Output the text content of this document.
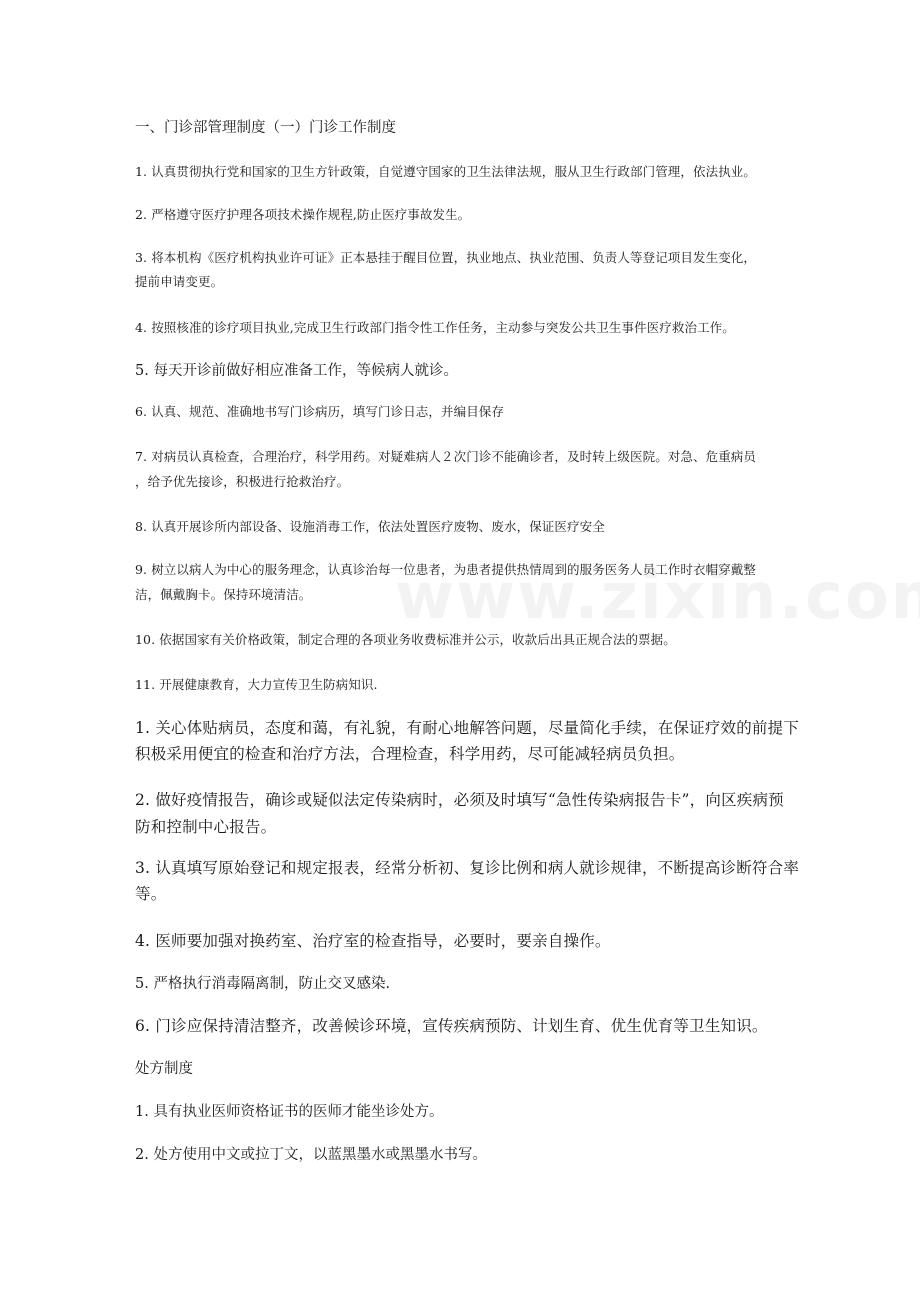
一、门诊部管理制度（一）门诊工作制度

1. 认真贯彻执行党和国家的卫生方针政策，自觉遵守国家的卫生法律法规，服从卫生行政部门管理，依法执业。

2. 严格遵守医疗护理各项技术操作规程,防止医疗事故发生。

3. 将本机构《医疗机构执业许可证》正本悬挂于醒目位置，执业地点、执业范围、负责人等登记项目发生变化，

提前申请变更。

4. 按照核准的诊疗项目执业,完成卫生行政部门指令性工作任务，主动参与突发公共卫生事件医疗救治工作。

5. 每天开诊前做好相应准备工作，等候病人就诊。

6. 认真、规范、准确地书写门诊病历，填写门诊日志，并编目保存

7. 对病员认真检查，合理治疗，科学用药。对疑难病人２次门诊不能确诊者，及时转上级医院。对急、危重病员

，给予优先接诊，积极进行抢救治疗。

8. 认真开展诊所内部设备、设施消毒工作，依法处置医疗废物、废水，保证医疗安全

9. 树立以病人为中心的服务理念，认真诊治每一位患者，为患者提供热情周到的服务医务人员工作时衣帽穿戴整

洁，佩戴胸卡。保持环境清洁。

10. 依据国家有关价格政策，制定合理的各项业务收费标准并公示，收款后出具正规合法的票据。

11. 开展健康教育，大力宣传卫生防病知识.

1. 关心体贴病员，态度和蔼，有礼貌，有耐心地解答问题，尽量简化手续，在保证疗效的前提下

积极采用便宜的检查和治疗方法，合理检查，科学用药，尽可能减轻病员负担。

2. 做好疫情报告，确诊或疑似法定传染病时，必须及时填写“急性传染病报告卡”，向区疾病预

防和控制中心报告。

3. 认真填写原始登记和规定报表，经常分析初、复诊比例和病人就诊规律，不断提高诊断符合率

等。

4. 医师要加强对换药室、治疗室的检查指导，必要时，要亲自操作。

5. 严格执行消毒隔离制，防止交叉感染.

6. 门诊应保持清洁整齐，改善候诊环境，宣传疾病预防、计划生育、优生优育等卫生知识。

处方制度

1. 具有执业医师资格证书的医师才能坐诊处方。

2. 处方使用中文或拉丁文，以蓝黑墨水或黑墨水书写。
